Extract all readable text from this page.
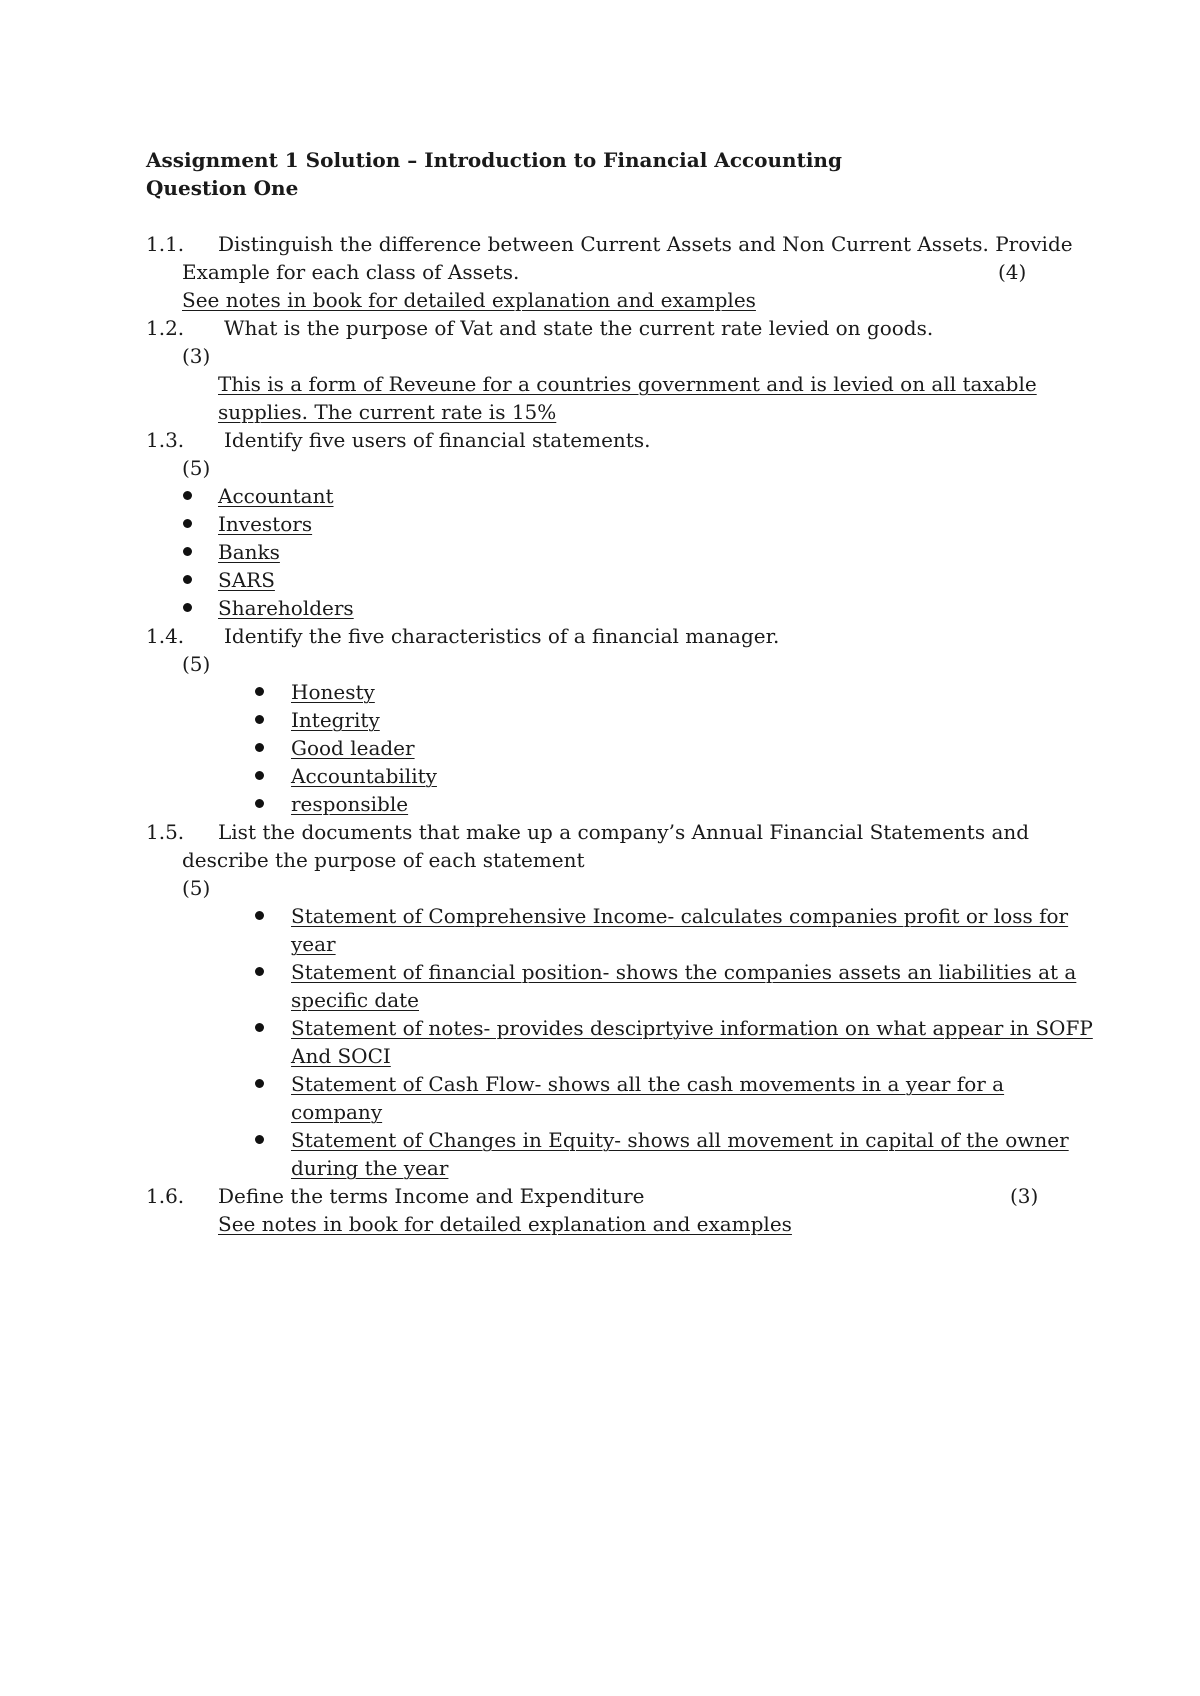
Assignment 1 Solution – Introduction to Financial Accounting
Question One
1.1. Distinguish the difference between Current Assets and Non Current Assets. Provide
Example for each class of Assets.	(4)
See notes in book for detailed explanation and examples
1.2. What is the purpose of Vat and state the current rate levied on goods.
(3)
This is a form of Reveune for a countries government and is levied on all taxable
supplies. The current rate is 15%
1.3. Identify five users of financial statements.
(5)
Accountant
Investors
Banks
SARS
Shareholders
1.4. Identify the five characteristics of a financial manager.
(5)
Honesty
Integrity
Good leader
Accountability
responsible
1.5. List the documents that make up a company’s Annual Financial Statements and
describe the purpose of each statement
(5)
Statement of Comprehensive Income- calculates companies profit or loss for
year
Statement of financial position- shows the companies assets an liabilities at a
specific date
Statement of notes- provides desciprtyive information on what appear in SOFP
And SOCI
Statement of Cash Flow- shows all the cash movements in a year for a
company
Statement of Changes in Equity- shows all movement in capital of the owner
during the year
1.6. Define the terms Income and Expenditure	(3)
See notes in book for detailed explanation and examples
